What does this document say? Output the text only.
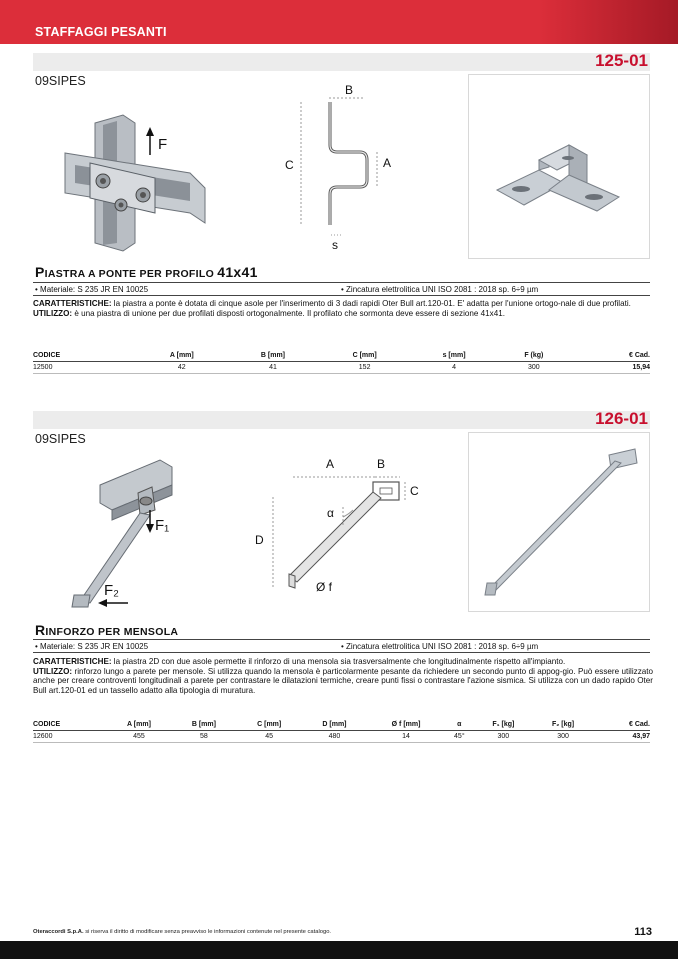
STAFFAGGI PESANTI
125-01
09SIPES
F
B
C	A
s
PIASTRA A PONTE PER PROFILO 41x41
• Materiale: S 235 JR EN 10025	• Zincatura elettrolitica UNI ISO 2081 : 2018 sp. 6÷9 µm
CARATTERISTICHE: la piastra a ponte è dotata di cinque asole per l'inserimento di 3 dadi rapidi Oter Bull art.120-01. E' adatta per l'unione ortogo-nale di due profilati.
UTILIZZO: è una piastra di unione per due profilati disposti ortogonalmente. Il profilato che sormonta deve essere di sezione 41x41.
CODICE	A [mm]	B [mm]	C [mm]	s [mm]	F (kg)	€ Cad.
12500	42	41	152	4	300	15,94
126-01
09SIPES
F₁
F₂
A	B
C
D
α
Ø f
RINFORZO PER MENSOLA
• Materiale: S 235 JR EN 10025	• Zincatura elettrolitica UNI ISO 2081 : 2018 sp. 6÷9 µm
CARATTERISTICHE: la piastra 2D con due asole permette il rinforzo di una mensola sia trasversalmente che longitudinalmente rispetto all'impianto.
UTILIZZO: rinforzo lungo a parete per mensole. Si utilizza quando la mensola è particolarmente pesante da richiedere un secondo punto di appog-gio. Può essere utilizzato anche per creare controventi longitudinali a parete per contrastare le dilatazioni termiche, creare punti fissi o contrastare l'azione sismica. Si utilizza con un dado rapido Oter Bull art.120-01 ed un tassello adatto alla tipologia di muratura.
CODICE	A [mm]	B [mm]	C [mm]	D [mm]	Ø f [mm]	α	F₁ [kg]	F₂ [kg]	€ Cad.
12600	455	58	45	480	14	45°	300	300	43,97
Oteraccordi S.p.A. si riserva il diritto di modificare senza preavviso le informazioni contenute nel presente catalogo.	113
